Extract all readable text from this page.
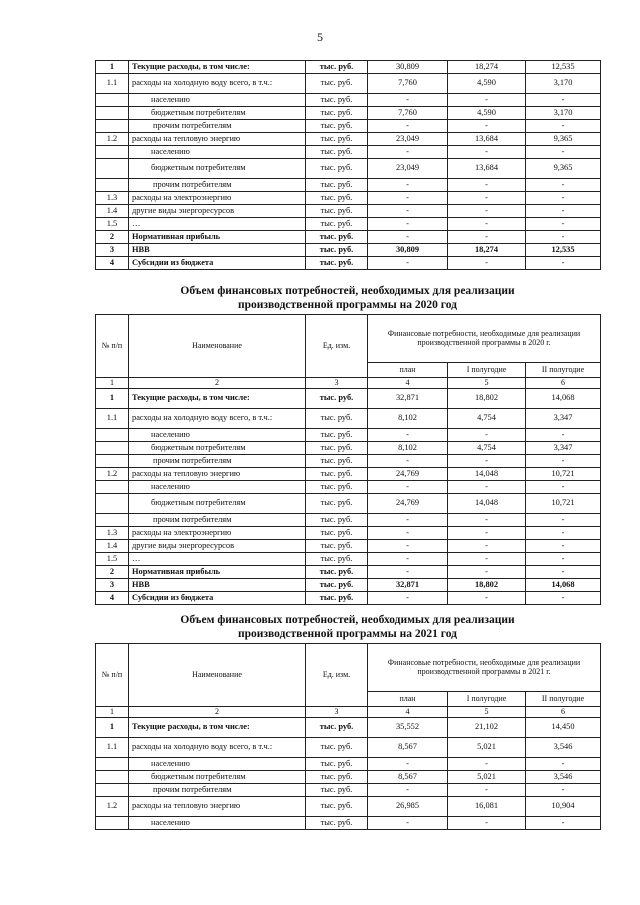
5
1	Текущие расходы, в том числе:	тыс. руб.	30,809	18,274	12,535
1.1	расходы на холодную воду всего, в т.ч.:	тыс. руб.	7,760	4,590	3,170
	населению	тыс. руб.	-	-	-
	бюджетным потребителям	тыс. руб.	7,760	4,590	3,170
	прочим потребителям	тыс. руб.	-	-	-
1.2	расходы на тепловую энергию	тыс. руб.	23,049	13,684	9,365
	населению	тыс. руб.	-	-	-
	бюджетным потребителям	тыс. руб.	23,049	13,684	9,365
	прочим потребителям	тыс. руб.	-	-	-
1.3	расходы на электроэнергию	тыс. руб.	-	-	-
1.4	другие виды энергоресурсов	тыс. руб.	-	-	-
1.5	…	тыс. руб.	-	-	-
2	Нормативная прибыль	тыс. руб.	-	-	-
3	НВВ	тыс. руб.	30,809	18,274	12,535
4	Субсидии из бюджета	тыс. руб.	-	-	-
Объем финансовых потребностей, необходимых для реализации
производственной программы на 2020 год
№ п/п	Наименование	Ед. изм.	Финансовые потребности, необходимые для реализации производственной программы в 2020 г.		
			план	I полугодие	II полугодие
1	2	3	4	5	6
1	Текущие расходы, в том числе:	тыс. руб.	32,871	18,802	14,068
1.1	расходы на холодную воду всего, в т.ч.:	тыс. руб.	8,102	4,754	3,347
	населению	тыс. руб.	-	-	-
	бюджетным потребителям	тыс. руб.	8,102	4,754	3,347
	прочим потребителям	тыс. руб.	-	-	-
1.2	расходы на тепловую энергию	тыс. руб.	24,769	14,048	10,721
	населению	тыс. руб.	-	-	-
	бюджетным потребителям	тыс. руб.	24,769	14,048	10,721
	прочим потребителям	тыс. руб.	-	-	-
1.3	расходы на электроэнергию	тыс. руб.	-	-	-
1.4	другие виды энергоресурсов	тыс. руб.	-	-	-
1.5	…	тыс. руб.	-	-	-
2	Нормативная прибыль	тыс. руб.	-	-	-
3	НВВ	тыс. руб.	32,871	18,802	14,068
4	Субсидии из бюджета	тыс. руб.	-	-	-
Объем финансовых потребностей, необходимых для реализации
производственной программы на 2021 год
№ п/п	Наименование	Ед. изм.	Финансовые потребности, необходимые для реализации производственной программы в 2021 г.		
			план	I полугодие	II полугодие
1	2	3	4	5	6
1	Текущие расходы, в том числе:	тыс. руб.	35,552	21,102	14,450
1.1	расходы на холодную воду всего, в т.ч.:	тыс. руб.	8,567	5,021	3,546
	населению	тыс. руб.	-	-	-
	бюджетным потребителям	тыс. руб.	8,567	5,021	3,546
	прочим потребителям	тыс. руб.	-	-	-
1.2	расходы на тепловую энергию	тыс. руб.	26,985	16,081	10,904
	населению	тыс. руб.	-	-	-
